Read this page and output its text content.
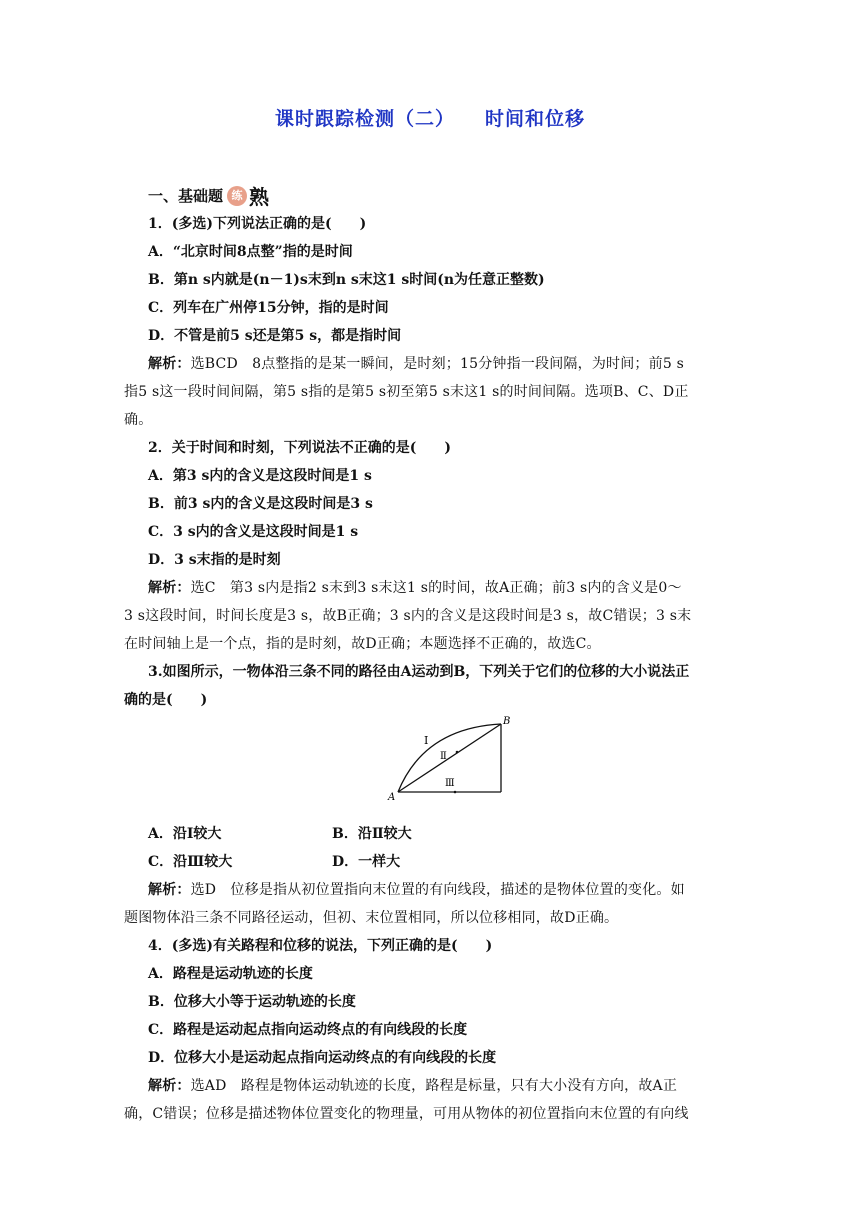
课时跟踪检测（二） 时间和位移
一、基础题 练 熟
1．(多选)下列说法正确的是(　　)
A．“北京时间8点整”指的是时间
B．第n s内就是(n－1)s末到n s末这1 s时间(n为任意正整数)
C．列车在广州停15分钟，指的是时间
D．不管是前5 s还是第5 s，都是指时间
解析：选BCD　8点整指的是某一瞬间，是时刻；15分钟指一段间隔，为时间；前5 s
指5 s这一段时间间隔，第5 s指的是第5 s初至第5 s末这1 s的时间间隔。选项B、C、D正
确。
2．关于时间和时刻，下列说法不正确的是(　　)
A．第3 s内的含义是这段时间是1 s
B．前3 s内的含义是这段时间是3 s
C．3 s内的含义是这段时间是1 s
D．3 s末指的是时刻
解析：选C　第3 s内是指2 s末到3 s末这1 s的时间，故A正确；前3 s内的含义是0～
3 s这段时间，时间长度是3 s，故B正确；3 s内的含义是这段时间是3 s，故C错误；3 s末
在时间轴上是一个点，指的是时刻，故D正确；本题选择不正确的，故选C。
3.如图所示，一物体沿三条不同的路径由A运动到B，下列关于它们的位移的大小说法正
确的是(　　)
A
B
Ⅰ
Ⅱ
Ⅲ
A．沿Ⅰ较大	B．沿Ⅱ较大
C．沿Ⅲ较大	D．一样大
解析：选D　位移是指从初位置指向末位置的有向线段，描述的是物体位置的变化。如
题图物体沿三条不同路径运动，但初、末位置相同，所以位移相同，故D正确。
4．(多选)有关路程和位移的说法，下列正确的是(　　)
A．路程是运动轨迹的长度
B．位移大小等于运动轨迹的长度
C．路程是运动起点指向运动终点的有向线段的长度
D．位移大小是运动起点指向运动终点的有向线段的长度
解析：选AD　路程是物体运动轨迹的长度，路程是标量，只有大小没有方向，故A正
确，C错误；位移是描述物体位置变化的物理量，可用从物体的初位置指向末位置的有向线
